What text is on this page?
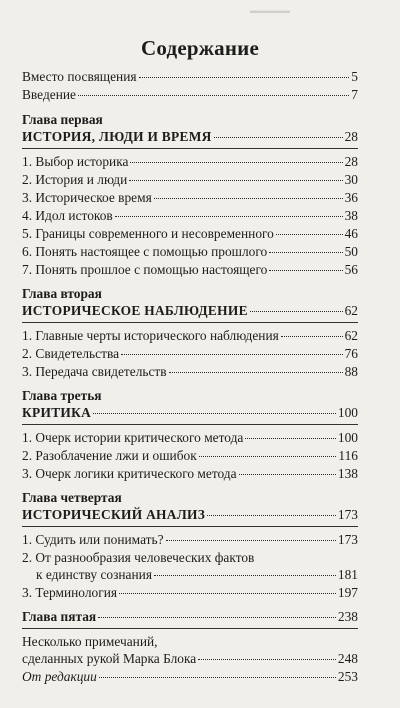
▬▬▬▬▬
Содержание
Вместо посвящения	5
Введение	7
Глава первая
ИСТОРИЯ, ЛЮДИ И ВРЕМЯ	28
1. Выбор историка	28
2. История и люди	30
3. Историческое время	36
4. Идол истоков	38
5. Границы современного и несовременного	46
6. Понять настоящее с помощью прошлого	50
7. Понять прошлое с помощью настоящего	56
Глава вторая
ИСТОРИЧЕСКОЕ НАБЛЮДЕНИЕ	62
1. Главные черты исторического наблюдения	62
2. Свидетельства	76
3. Передача свидетельств	88
Глава третья
КРИТИКА	100
1. Очерк истории критического метода	100
2. Разоблачение лжи и ошибок	116
3. Очерк логики критического метода	138
Глава четвертая
ИСТОРИЧЕСКИЙ АНАЛИЗ	173
1. Судить или понимать?	173
2. От разнообразия человеческих фактов
к единству сознания	181
3. Терминология	197
Глава пятая	238
Несколько примечаний,
сделанных рукой Марка Блока	248
От редакции	253
